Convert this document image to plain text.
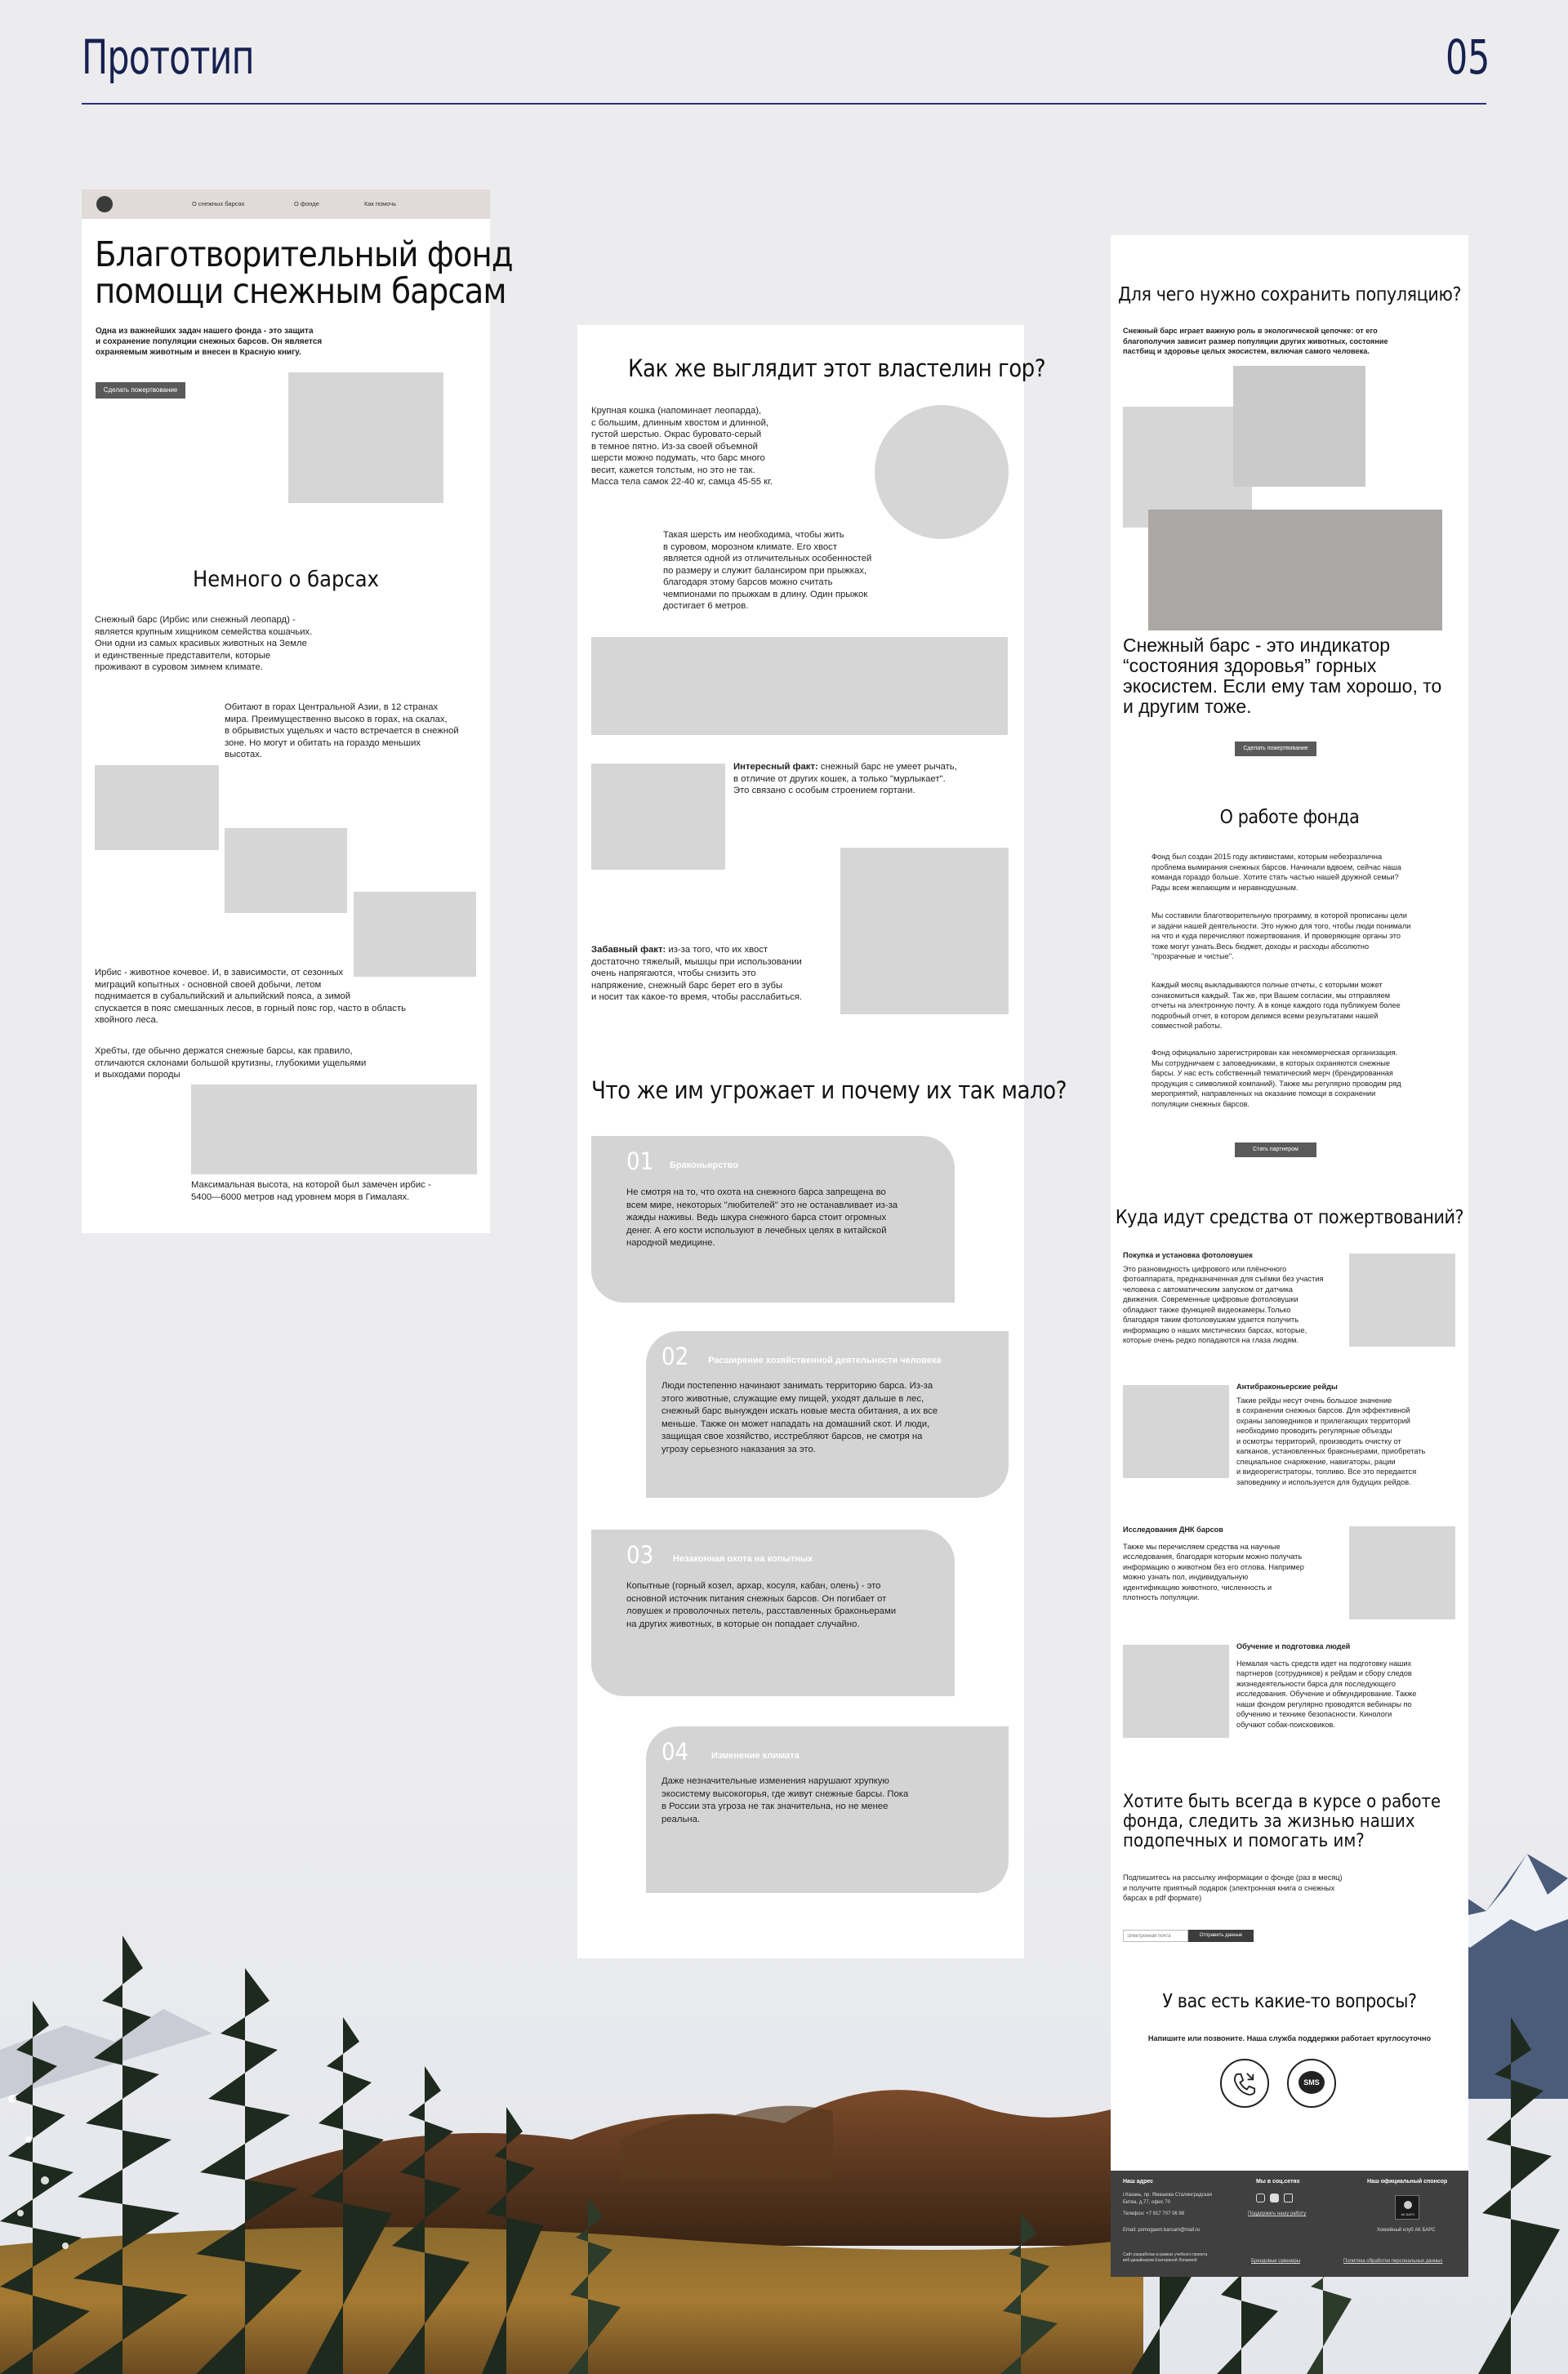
Прототип	05
О снежных барсах	О фонде	Как помочь
Благотворительный фонд
помощи снежным барсам
Одна из важнейших задач нашего фонда - это защита
и сохранение популяции снежных барсов. Он является
охраняемым животным и внесен в Красную книгу.
Сделать пожертвование
Немного о барсах
Снежный барс (Ирбис или снежный леопард) -
является крупным хищником семейства кошачьих.
Они одни из самых красивых животных на Земле
и единственные представители, которые
проживают в суровом зимнем климате.
Обитают в горах Центральной Азии, в 12 странах
мира. Преимущественно высоко в горах, на скалах,
в обрывистых ущельях и часто встречается в снежной
зоне. Но могут и обитать на гораздо меньших
высотах.
Ирбис - животное кочевое. И, в зависимости, от сезонных
миграций копытных - основной своей добычи, летом
поднимается в субальпийский и альпийский пояса, а зимой
спускается в пояс смешанных лесов, в горный пояс гор, часто в область
хвойного леса.
Хребты, где обычно держатся снежные барсы, как правило,
отличаются склонами большой крутизны, глубокими ущельями
и выходами породы
Максимальная высота, на которой был замечен ирбис -
5400—6000 метров над уровнем моря в Гималаях.
Как же выглядит этот властелин гор?
Крупная кошка (напоминает леопарда),
с большим, длинным хвостом и длинной,
густой шерстью. Окрас буровато-серый
в темное пятно. Из-за своей объемной
шерсти можно подумать, что барс много
весит, кажется толстым, но это не так.
Масса тела самок 22-40 кг, самца 45-55 кг.
Такая шерсть им необходима, чтобы жить
в суровом, морозном климате. Его хвост
является одной из отличительных особенностей
по размеру и служит балансиром при прыжках,
благодаря этому барсов можно считать
чемпионами по прыжкам в длину. Один прыжок
достигает 6 метров.
Интересный факт: снежный барс не умеет рычать,
в отличие от других кошек, а только "мурлыкает".
Это связано с особым строением гортани.
Забавный факт: из-за того, что их хвост
достаточно тяжелый, мышцы при использовании
очень напрягаются, чтобы снизить это
напряжение, снежный барс берет его в зубы
и носит так какое-то время, чтобы расслабиться.
Что же им угрожает и почему их так мало?
01 Браконьерство
Не смотря на то, что охота на снежного барса запрещена во
всем мире, некоторых "любителей" это не останавливает из-за
жажды наживы. Ведь шкура снежного барса стоит огромных
денег. А его кости используют в лечебных целях в китайской
народной медицине.
02 Расширение хозяйственной деятельности человека
Люди постепенно начинают занимать территорию барса. Из-за
этого животные, служащие ему пищей, уходят дальше в лес,
снежный барс вынужден искать новые места обитания, а их все
меньше. Также он может нападать на домашний скот. И люди,
защищая свое хозяйство, исстребляют барсов, не смотря на
угрозу серьезного наказания за это.
03 Незаконная охота на копытных
Копытные (горный козел, архар, косуля, кабан, олень) - это
основной источник питания снежных барсов. Он погибает от
ловушек и проволочных петель, расставленных браконьерами
на других животных, в которые он попадает случайно.
04	Изменение климата
Даже незначительные изменения нарушают хрупкую
экосистему высокогорья, где живут снежные барсы. Пока
в России эта угроза не так значительна, но не менее
реальна.
Для чего нужно сохранить популяцию?
Снежный барс играет важную роль в экологической цепочке: от его
благополучия зависит размер популяции других животных, состояние
пастбищ и здоровье целых экосистем, включая самого человека.
Снежный барс - это индикатор
“состояния здоровья” горных
экосистем. Если ему там хорошо, то
и другим тоже.
Сделать пожертвование
О работе фонда
Фонд был создан 2015 году активистами, которым небезразлична
проблема вымирания снежных барсов. Начинали вдвоем, сейчас наша
команда гораздо больше. Хотите стать частью нашей дружной семьи?
Рады всем желающим и неравнодушным.
Мы составили благотворительную программу, в которой прописаны цели
и задачи нашей деятельности. Это нужно для того, чтобы люди понимали
на что и куда перечисляют пожертвования. И проверяющие органы это
тоже могут узнать.Весь бюджет, доходы и расходы абсолютно
"прозрачные и чистые".
Каждый месяц выкладываются полные отчеты, с которыми может
ознакомиться каждый. Так же, при Вашем согласии, мы отправляем
отчеты на электронную почту. А в конце каждого года публикуем более
подробный отчет, в котором делимся всеми результатами нашей
совместной работы.
Фонд официально зарегистрирован как некоммерческая организация.
Мы сотрудничаем с заповедниками, в которых охраняются снежные
барсы. У нас есть собственный тематический мерч (брендированная
продукция с символикой компаний). Также мы регулярно проводим ряд
мероприятий, направленных на оказание помощи в сохранении
популяции снежных барсов.
Стать партнером
Куда идут средства от пожертвований?
Покупка и установка фотоловушек
Это разновидность цифрового или плёночного
фотоаппарата, предназначенная для съёмки без участия
человека с автоматическим запуском от датчика
движения. Современные цифровые фотоловушки
обладают также функцией видеокамеры.Только
благодаря таким фотоловушкам удается получить
информацию о наших мистических барсах, которые,
которые очень редко попадаются на глаза людям.
Антибраконьерские рейды
Такие рейды несут очень большое значение
в сохранении снежных барсов. Для эффективной
охраны заповедников и прилегающих территорий
необходимо проводить регулярные объезды
и осмотры территорий, производить очистку от
капканов, установленных браконьерами, приобретать
специальное снаряжение, навигаторы, рации
и видеорегистраторы, топливо. Все это передается
заповеднику и используется для будущих рейдов.
Исследования ДНК барсов
Также мы перечисляем средства на научные
исследования, благодаря которым можно получать
информацию о животном без его отлова. Например
можно узнать пол, индивидуальную
идентификацию животного, численность и
плотность популяции.
Обучение и подготовка людей
Немалая часть средств идет на подготовку наших
партнеров (сотрудников) к рейдам и сбору следов
жизнедеятельности барса для последующего
исследования. Обучение и обмундирование. Также
наши фондом регулярно проводятся вебинары по
обучению и технике безопасности. Кинологи
обучают собак-поисковиков.
Хотите быть всегда в курсе о работе
фонда, следить за жизнью наших
подопечных и помогать им?
Подпишитесь на рассылку информации о фонде (раз в месяц)
и получите приятный подарок (электронная книга о снежных
барсах в pdf формате)
Электронная почта
Отправить данные
У вас есть какие-то вопросы?
Напишите или позвоните. Наша служба поддержки работает круглосуточно
SMS
Наш адрес
г.Казань, пр. Ямашева Сталинградская
Битва, д.77, офис 70
Телефон: +7 917 707 06 98
Email: pomogaem.barsam@mail.ru
Сайт разработан в рамках учебного проекта
веб-дизайнером Екатериной Лопаевой
Мы в соц.сетях
Поддержать нашу работу
Брендовые сувениры
Наш официальный спонсор
АК БАРС
Хоккейный клуб АК БАРС
Политика обработки персональных данных
